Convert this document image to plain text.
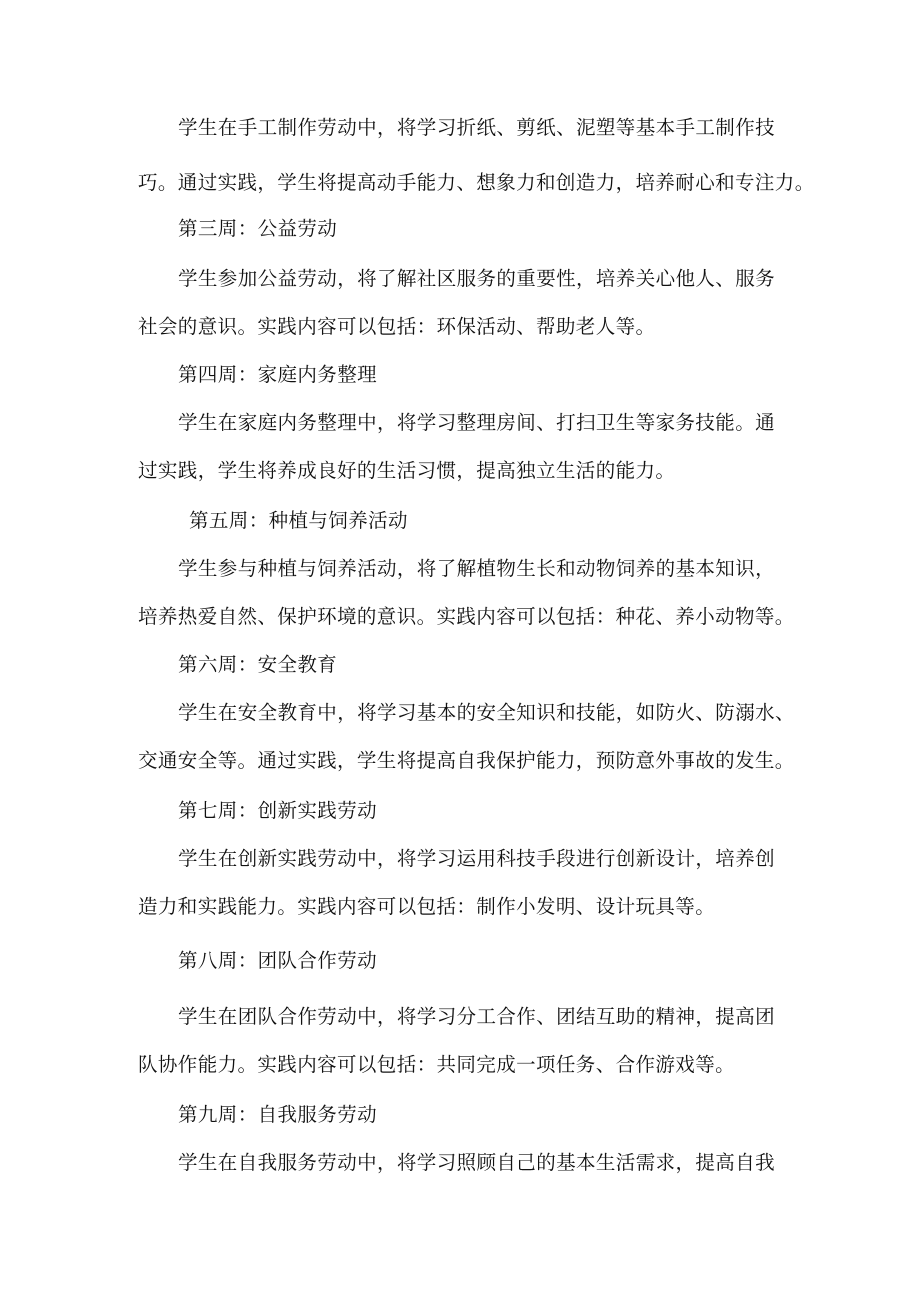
学生在手工制作劳动中，将学习折纸、剪纸、泥塑等基本手工制作技
巧。通过实践，学生将提高动手能力、想象力和创造力，培养耐心和专注力。
第三周：公益劳动
学生参加公益劳动，将了解社区服务的重要性，培养关心他人、服务
社会的意识。实践内容可以包括：环保活动、帮助老人等。
第四周：家庭内务整理
学生在家庭内务整理中，将学习整理房间、打扫卫生等家务技能。通
过实践，学生将养成良好的生活习惯，提高独立生活的能力。
第五周：种植与饲养活动
学生参与种植与饲养活动，将了解植物生长和动物饲养的基本知识，
培养热爱自然、保护环境的意识。实践内容可以包括：种花、养小动物等。
第六周：安全教育
学生在安全教育中，将学习基本的安全知识和技能，如防火、防溺水、
交通安全等。通过实践，学生将提高自我保护能力，预防意外事故的发生。
第七周：创新实践劳动
学生在创新实践劳动中，将学习运用科技手段进行创新设计，培养创
造力和实践能力。实践内容可以包括：制作小发明、设计玩具等。
第八周：团队合作劳动
学生在团队合作劳动中，将学习分工合作、团结互助的精神，提高团
队协作能力。实践内容可以包括：共同完成一项任务、合作游戏等。
第九周：自我服务劳动
学生在自我服务劳动中，将学习照顾自己的基本生活需求，提高自我
